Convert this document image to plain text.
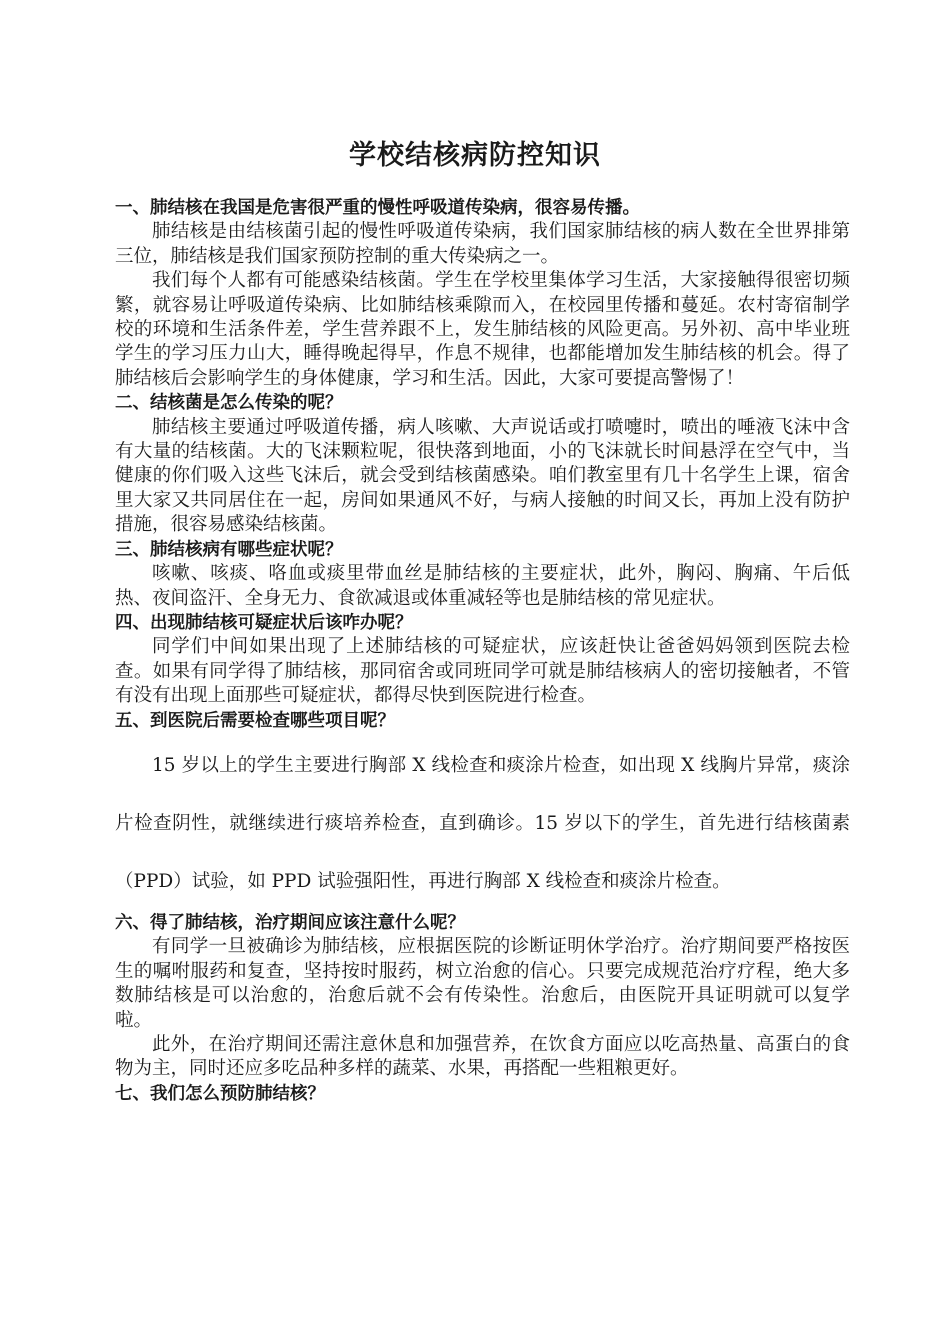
学校结核病防控知识
一、肺结核在我国是危害很严重的慢性呼吸道传染病，很容易传播。

肺结核是由结核菌引起的慢性呼吸道传染病，我们国家肺结核的病人数在全世界排第三位，肺结核是我们国家预防控制的重大传染病之一。

我们每个人都有可能感染结核菌。学生在学校里集体学习生活，大家接触得很密切频繁，就容易让呼吸道传染病、比如肺结核乘隙而入，在校园里传播和蔓延。农村寄宿制学校的环境和生活条件差，学生营养跟不上，发生肺结核的风险更高。另外初、高中毕业班学生的学习压力山大，睡得晚起得早，作息不规律，也都能增加发生肺结核的机会。得了肺结核后会影响学生的身体健康，学习和生活。因此，大家可要提高警惕了！

二、结核菌是怎么传染的呢？

肺结核主要通过呼吸道传播，病人咳嗽、大声说话或打喷嚏时，喷出的唾液飞沫中含有大量的结核菌。大的飞沫颗粒呢，很快落到地面，小的飞沫就长时间悬浮在空气中，当健康的你们吸入这些飞沫后，就会受到结核菌感染。咱们教室里有几十名学生上课，宿舍里大家又共同居住在一起，房间如果通风不好，与病人接触的时间又长，再加上没有防护措施，很容易感染结核菌。

三、肺结核病有哪些症状呢？

咳嗽、咳痰、咯血或痰里带血丝是肺结核的主要症状，此外，胸闷、胸痛、午后低热、夜间盗汗、全身无力、食欲减退或体重减轻等也是肺结核的常见症状。

四、出现肺结核可疑症状后该咋办呢？

同学们中间如果出现了上述肺结核的可疑症状，应该赶快让爸爸妈妈领到医院去检查。如果有同学得了肺结核，那同宿舍或同班同学可就是肺结核病人的密切接触者，不管有没有出现上面那些可疑症状，都得尽快到医院进行检查。

五、到医院后需要检查哪些项目呢？

15 岁以上的学生主要进行胸部 X 线检查和痰涂片检查，如出现 X 线胸片异常，痰涂片检查阴性，就继续进行痰培养检查，直到确诊。15 岁以下的学生，首先进行结核菌素（PPD）试验，如 PPD 试验强阳性，再进行胸部 X 线检查和痰涂片检查。

六、得了肺结核，治疗期间应该注意什么呢？

有同学一旦被确诊为肺结核，应根据医院的诊断证明休学治疗。治疗期间要严格按医生的嘱咐服药和复查，坚持按时服药，树立治愈的信心。只要完成规范治疗疗程，绝大多数肺结核是可以治愈的，治愈后就不会有传染性。治愈后，由医院开具证明就可以复学啦。

此外，在治疗期间还需注意休息和加强营养，在饮食方面应以吃高热量、高蛋白的食物为主，同时还应多吃品种多样的蔬菜、水果，再搭配一些粗粮更好。

七、我们怎么预防肺结核？
